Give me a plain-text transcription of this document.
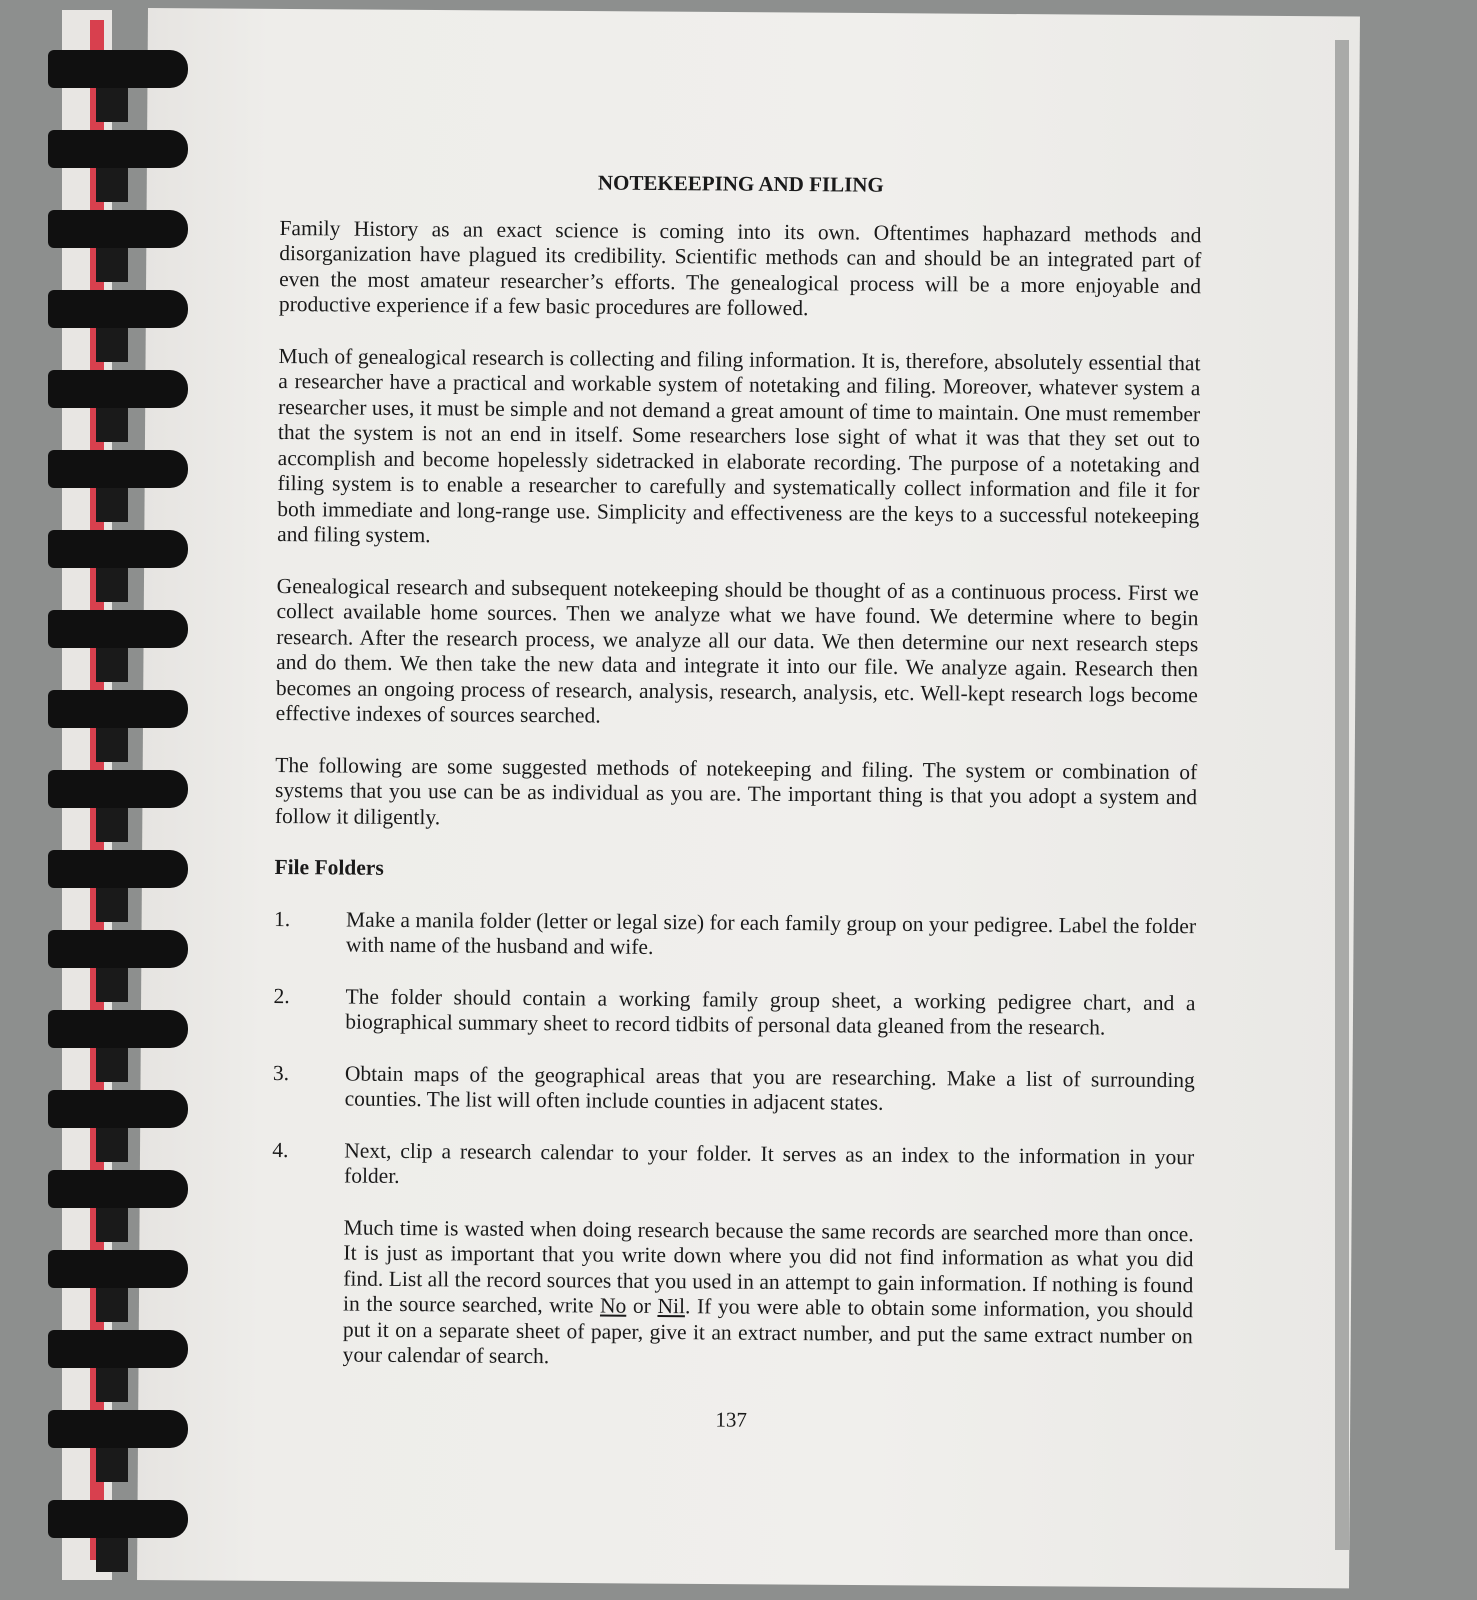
NOTEKEEPING AND FILING

Family History as an exact science is coming into its own. Oftentimes haphazard methods and disorganization have plagued its credibility. Scientific methods can and should be an integrated part of even the most amateur researcher’s efforts. The genealogical process will be a more enjoyable and productive experience if a few basic procedures are followed.

Much of genealogical research is collecting and filing information. It is, therefore, absolutely essential that a researcher have a practical and workable system of notetaking and filing. Moreover, whatever system a researcher uses, it must be simple and not demand a great amount of time to maintain. One must remember that the system is not an end in itself. Some researchers lose sight of what it was that they set out to accomplish and become hopelessly sidetracked in elaborate recording. The purpose of a notetaking and filing system is to enable a researcher to carefully and systematically collect information and file it for both immediate and long-range use. Simplicity and effectiveness are the keys to a successful notekeeping and filing system.

Genealogical research and subsequent notekeeping should be thought of as a continuous process. First we collect available home sources. Then we analyze what we have found. We determine where to begin research. After the research process, we analyze all our data. We then determine our next research steps and do them. We then take the new data and integrate it into our file. We analyze again. Research then becomes an ongoing process of research, analysis, research, analysis, etc. Well-kept research logs become effective indexes of sources searched.

The following are some suggested methods of notekeeping and filing. The system or combination of systems that you use can be as individual as you are. The important thing is that you adopt a system and follow it diligently.

File Folders
1.	Make a manila folder (letter or legal size) for each family group on your pedigree. Label the folder with name of the husband and wife.
2.	The folder should contain a working family group sheet, a working pedigree chart, and a biographical summary sheet to record tidbits of personal data gleaned from the research.
3.	Obtain maps of the geographical areas that you are researching. Make a list of surrounding counties. The list will often include counties in adjacent states.
4.	Next, clip a research calendar to your folder. It serves as an index to the information in your folder.

Much time is wasted when doing research because the same records are searched more than once. It is just as important that you write down where you did not find information as what you did find. List all the record sources that you used in an attempt to gain information. If nothing is found in the source searched, write No or Nil. If you were able to obtain some information, you should put it on a separate sheet of paper, give it an extract number, and put the same extract number on your calendar of search.

137
